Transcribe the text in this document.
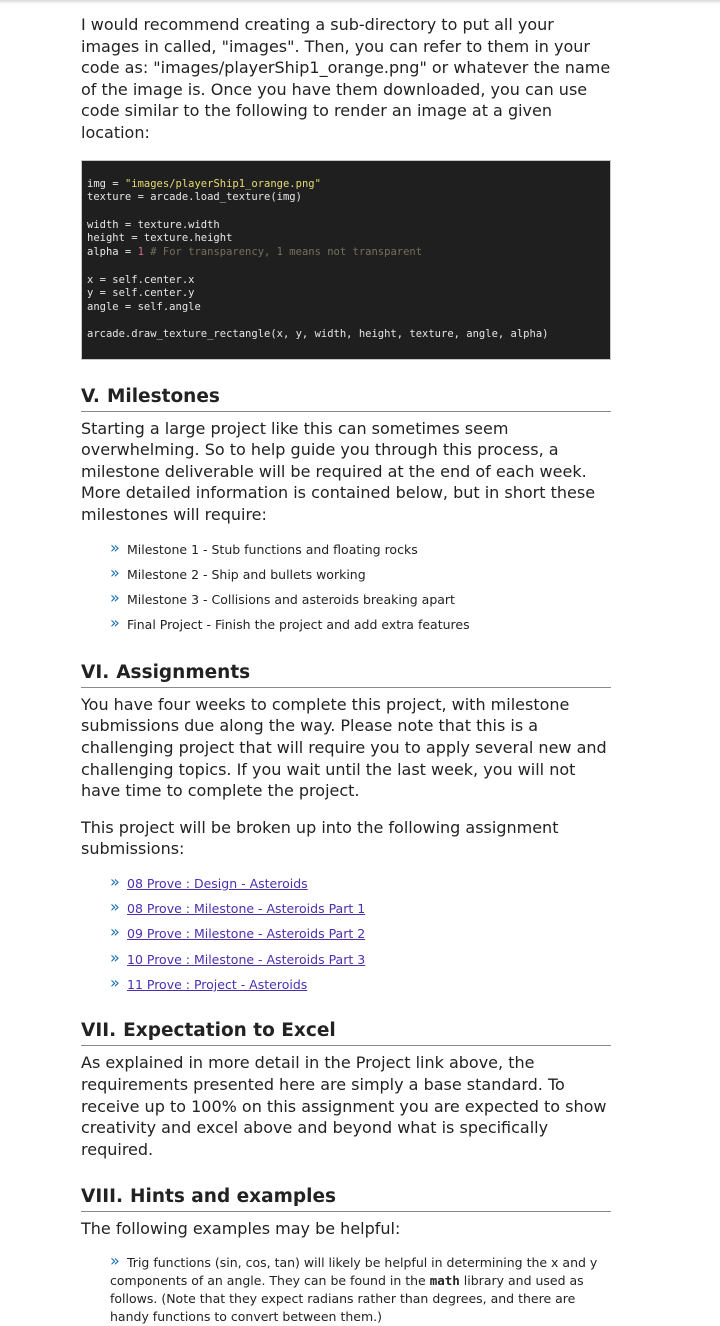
I would recommend creating a sub-directory to put all your images in called, "images". Then, you can refer to them in your code as: "images/playerShip1_orange.png" or whatever the name of the image is. Once you have them downloaded, you can use code similar to the following to render an image at a given location:

img = "images/playerShip1_orange.png"
texture = arcade.load_texture(img)
width = texture.width
height = texture.height
alpha = 1 # For transparency, 1 means not transparent
x = self.center.x
y = self.center.y
angle = self.angle
arcade.draw_texture_rectangle(x, y, width, height, texture, angle, alpha)
V. Milestones

Starting a large project like this can sometimes seem overwhelming. So to help guide you through this process, a milestone deliverable will be required at the end of each week. More detailed information is contained below, but in short these milestones will require:

» Milestone 1 - Stub functions and floating rocks
» Milestone 2 - Ship and bullets working
» Milestone 3 - Collisions and asteroids breaking apart
» Final Project - Finish the project and add extra features
VI. Assignments

You have four weeks to complete this project, with milestone submissions due along the way. Please note that this is a challenging project that will require you to apply several new and challenging topics. If you wait until the last week, you will not have time to complete the project.

This project will be broken up into the following assignment submissions:

» 08 Prove : Design - Asteroids
» 08 Prove : Milestone - Asteroids Part 1
» 09 Prove : Milestone - Asteroids Part 2
» 10 Prove : Milestone - Asteroids Part 3
» 11 Prove : Project - Asteroids
VII. Expectation to Excel

As explained in more detail in the Project link above, the requirements presented here are simply a base standard. To receive up to 100% on this assignment you are expected to show creativity and excel above and beyond what is specifically required.

VIII. Hints and examples

The following examples may be helpful:

» Trig functions (sin, cos, tan) will likely be helpful in determining the x and y components of an angle. They can be found in the math library and used as follows. (Note that they expect radians rather than degrees, and there are handy functions to convert between them.)
